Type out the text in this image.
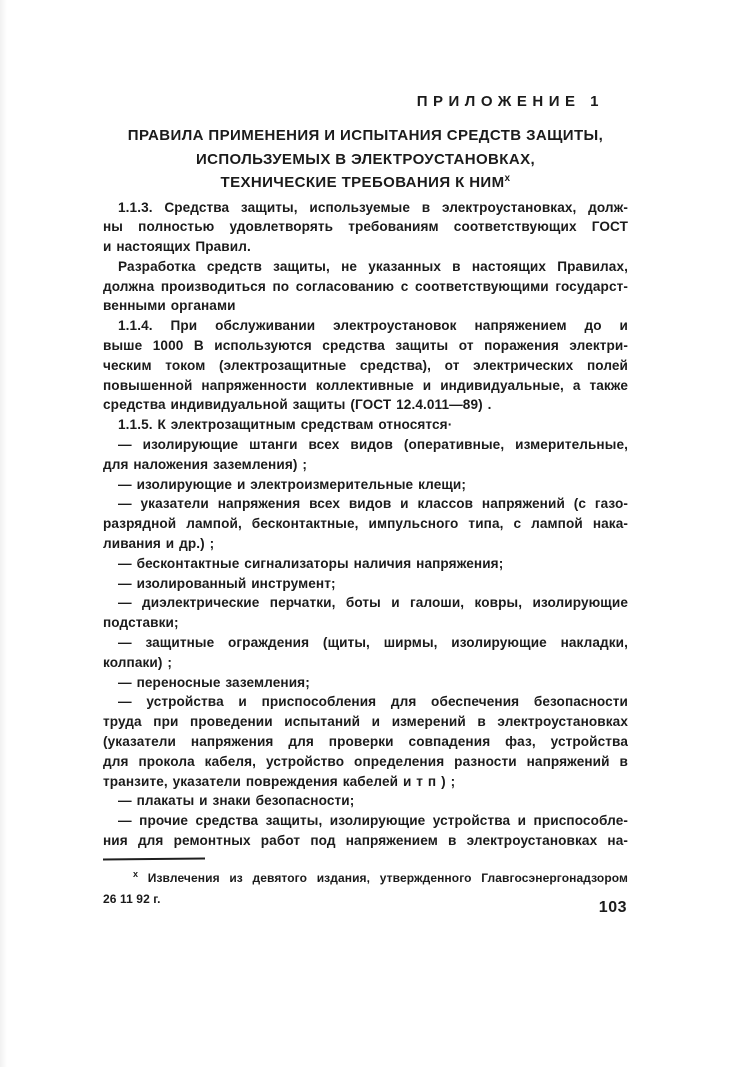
ПРИЛОЖЕНИЕ 1
ПРАВИЛА ПРИМЕНЕНИЯ И ИСПЫТАНИЯ СРЕДСТВ ЗАЩИТЫ,
ИСПОЛЬЗУЕМЫХ В ЭЛЕКТРОУСТАНОВКАХ,
ТЕХНИЧЕСКИЕ ТРЕБОВАНИЯ К $НИМ^х$
1.1.3. Средства защиты, используемые в электроустановках, долж-
ны полностью удовлетворять требованиям соответствующих ГОСТ
и настоящих Правил.
Разработка средств защиты, не указанных в настоящих Правилах,
должна производиться по согласованию с соответствующими государст-
венными органами
1.1.4. При обслуживании электроустановок напряжением до и
выше 1000 В используются средства защиты от поражения электри-
ческим током (электрозащитные средства), от электрических полей
повышенной напряженности коллективные и индивидуальные, а также
средства индивидуальной защиты (ГОСТ 12.4.011—89) .
1.1.5. К электрозащитным средствам относятся·
— изолирующие штанги всех видов (оперативные, измерительные,
для наложения заземления) ;
— изолирующие и электроизмерительные клещи;
— указатели напряжения всех видов и классов напряжений (с газо-
разрядной лампой, бесконтактные, импульсного типа, с лампой нака-
ливания и др.) ;
— бесконтактные сигнализаторы наличия напряжения;
— изолированный инструмент;
— диэлектрические перчатки, боты и галоши, ковры, изолирующие
подставки;
— защитные ограждения (щиты, ширмы, изолирующие накладки,
колпаки) ;
— переносные заземления;
— устройства и приспособления для обеспечения безопасности
труда при проведении испытаний и измерений в электроустановках
(указатели напряжения для проверки совпадения фаз, устройства
для прокола кабеля, устройство определения разности напряжений в
транзите, указатели повреждения кабелей и т п ) ;
— плакаты и знаки безопасности;
— прочие средства защиты, изолирующие устройства и приспособле-
ния для ремонтных работ под напряжением в электроустановках на-
$^х$ Извлечения из девятого издания, утвержденного Главгосэнергонадзором
26 11 92 г.
103
